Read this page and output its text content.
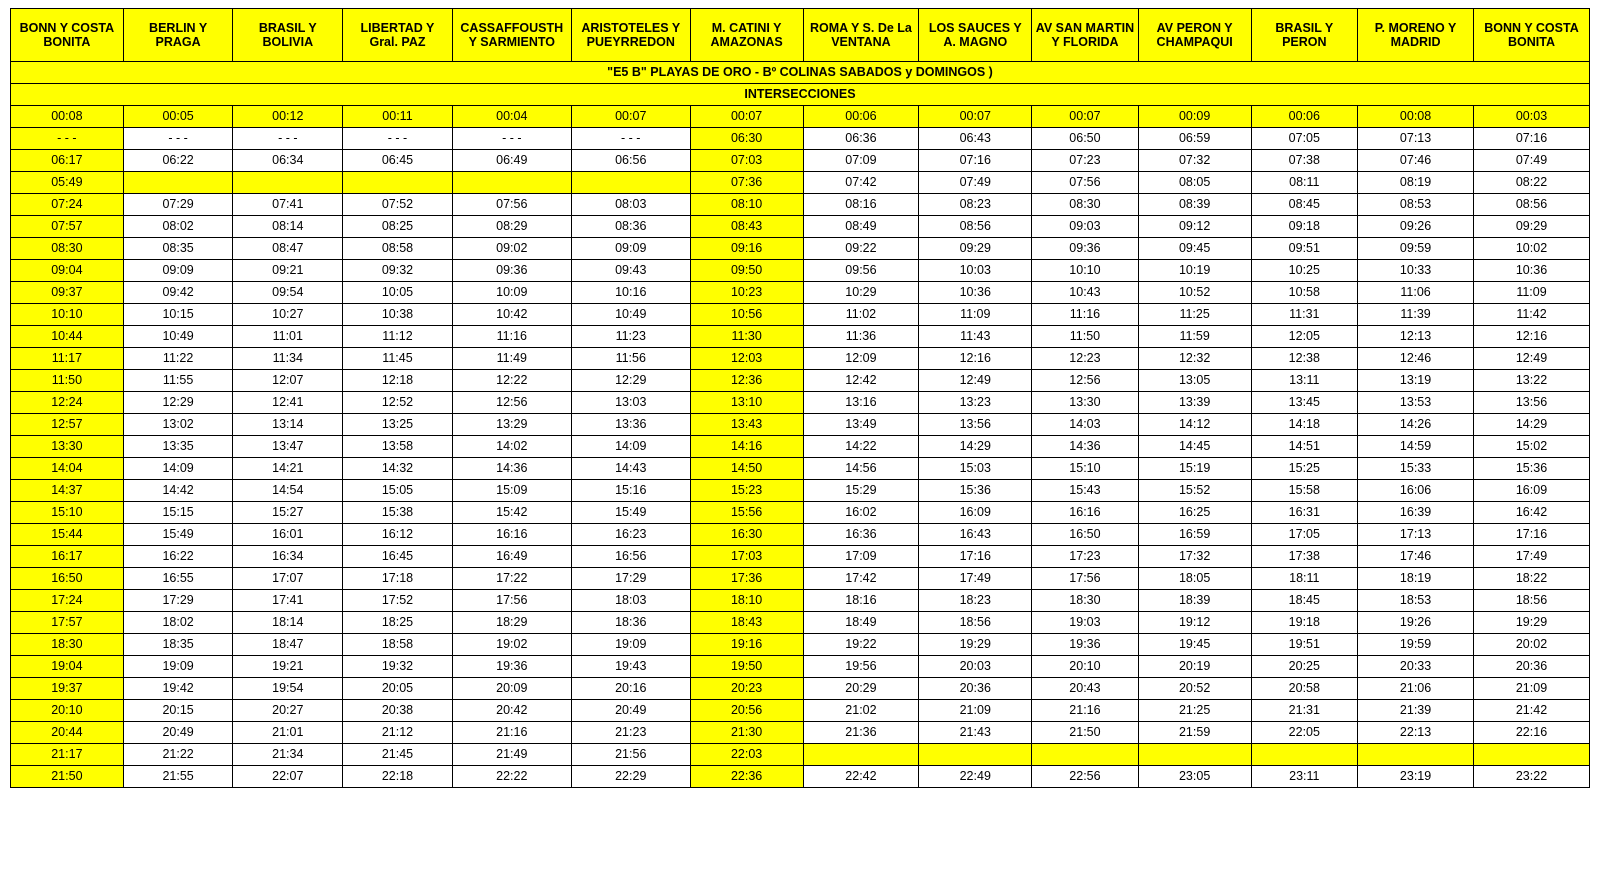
"E5 B" PLAYAS DE ORO - Bº COLINAS SABADOS y DOMINGOS )													
INTERSECCIONES													
BONN Y COSTA BONITA	BERLIN Y PRAGA	BRASIL Y BOLIVIA	LIBERTAD Y Gral. PAZ	CASSAFFOUSTH Y SARMIENTO	ARISTOTELES Y PUEYRREDON	M. CATINI Y AMAZONAS	ROMA Y S. De La VENTANA	LOS SAUCES Y A. MAGNO	AV SAN MARTIN Y FLORIDA	AV PERON Y CHAMPAQUI	BRASIL Y PERON	P. MORENO Y MADRID	BONN Y COSTA BONITA
00:08	00:05	00:12	00:11	00:04	00:07	00:07	00:06	00:07	00:07	00:09	00:06	00:08	00:03
- - -	- - -	- - -	- - -	- - -	- - -	06:30	06:36	06:43	06:50	06:59	07:05	07:13	07:16
06:17	06:22	06:34	06:45	06:49	06:56	07:03	07:09	07:16	07:23	07:32	07:38	07:46	07:49
05:49						07:36	07:42	07:49	07:56	08:05	08:11	08:19	08:22
07:24	07:29	07:41	07:52	07:56	08:03	08:10	08:16	08:23	08:30	08:39	08:45	08:53	08:56
07:57	08:02	08:14	08:25	08:29	08:36	08:43	08:49	08:56	09:03	09:12	09:18	09:26	09:29
08:30	08:35	08:47	08:58	09:02	09:09	09:16	09:22	09:29	09:36	09:45	09:51	09:59	10:02
09:04	09:09	09:21	09:32	09:36	09:43	09:50	09:56	10:03	10:10	10:19	10:25	10:33	10:36
09:37	09:42	09:54	10:05	10:09	10:16	10:23	10:29	10:36	10:43	10:52	10:58	11:06	11:09
10:10	10:15	10:27	10:38	10:42	10:49	10:56	11:02	11:09	11:16	11:25	11:31	11:39	11:42
10:44	10:49	11:01	11:12	11:16	11:23	11:30	11:36	11:43	11:50	11:59	12:05	12:13	12:16
11:17	11:22	11:34	11:45	11:49	11:56	12:03	12:09	12:16	12:23	12:32	12:38	12:46	12:49
11:50	11:55	12:07	12:18	12:22	12:29	12:36	12:42	12:49	12:56	13:05	13:11	13:19	13:22
12:24	12:29	12:41	12:52	12:56	13:03	13:10	13:16	13:23	13:30	13:39	13:45	13:53	13:56
12:57	13:02	13:14	13:25	13:29	13:36	13:43	13:49	13:56	14:03	14:12	14:18	14:26	14:29
13:30	13:35	13:47	13:58	14:02	14:09	14:16	14:22	14:29	14:36	14:45	14:51	14:59	15:02
14:04	14:09	14:21	14:32	14:36	14:43	14:50	14:56	15:03	15:10	15:19	15:25	15:33	15:36
14:37	14:42	14:54	15:05	15:09	15:16	15:23	15:29	15:36	15:43	15:52	15:58	16:06	16:09
15:10	15:15	15:27	15:38	15:42	15:49	15:56	16:02	16:09	16:16	16:25	16:31	16:39	16:42
15:44	15:49	16:01	16:12	16:16	16:23	16:30	16:36	16:43	16:50	16:59	17:05	17:13	17:16
16:17	16:22	16:34	16:45	16:49	16:56	17:03	17:09	17:16	17:23	17:32	17:38	17:46	17:49
16:50	16:55	17:07	17:18	17:22	17:29	17:36	17:42	17:49	17:56	18:05	18:11	18:19	18:22
17:24	17:29	17:41	17:52	17:56	18:03	18:10	18:16	18:23	18:30	18:39	18:45	18:53	18:56
17:57	18:02	18:14	18:25	18:29	18:36	18:43	18:49	18:56	19:03	19:12	19:18	19:26	19:29
18:30	18:35	18:47	18:58	19:02	19:09	19:16	19:22	19:29	19:36	19:45	19:51	19:59	20:02
19:04	19:09	19:21	19:32	19:36	19:43	19:50	19:56	20:03	20:10	20:19	20:25	20:33	20:36
19:37	19:42	19:54	20:05	20:09	20:16	20:23	20:29	20:36	20:43	20:52	20:58	21:06	21:09
20:10	20:15	20:27	20:38	20:42	20:49	20:56	21:02	21:09	21:16	21:25	21:31	21:39	21:42
20:44	20:49	21:01	21:12	21:16	21:23	21:30	21:36	21:43	21:50	21:59	22:05	22:13	22:16
21:17	21:22	21:34	21:45	21:49	21:56	22:03							
21:50	21:55	22:07	22:18	22:22	22:29	22:36	22:42	22:49	22:56	23:05	23:11	23:19	23:22
